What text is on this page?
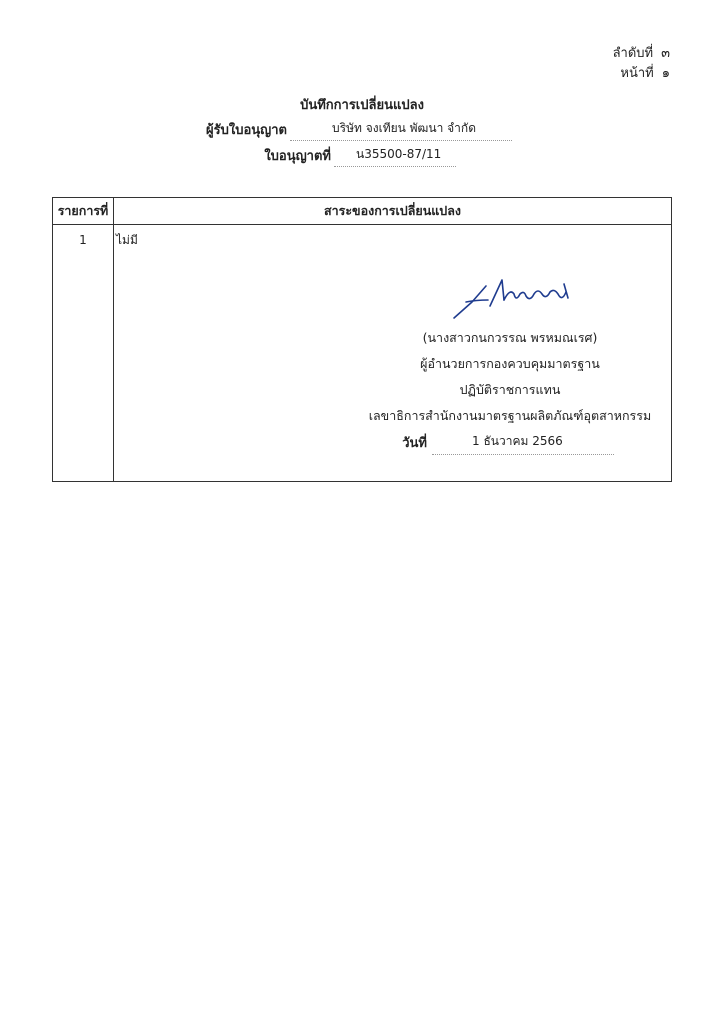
ลำดับที่ ๓
หน้าที่ ๑
บันทึกการเปลี่ยนแปลง
ผู้รับใบอนุญาต	บริษัท จงเทียน พัฒนา จำกัด
ใบอนุญาตที่	น35500-87/11
รายการที่	สาระของการเปลี่ยนแปลง
1	ไม่มี
(นางสาวกนกวรรณ พรหมณเรศ)
ผู้อำนวยการกองควบคุมมาตรฐาน
ปฏิบัติราชการแทน
เลขาธิการสำนักงานมาตรฐานผลิตภัณฑ์อุตสาหกรรม
วันที่	1 ธันวาคม 2566
